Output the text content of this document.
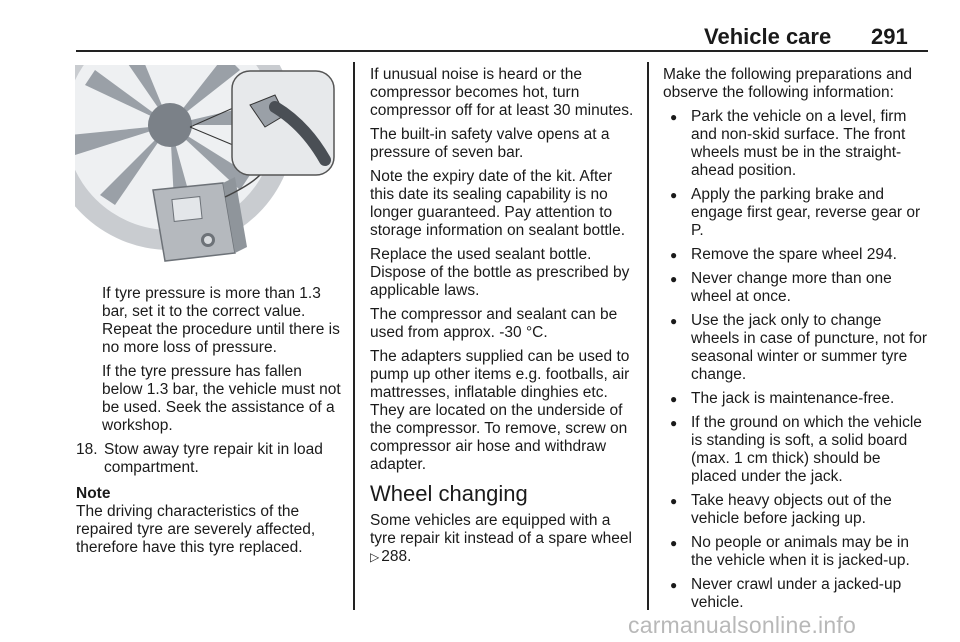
Vehicle care 291

If tyre pressure is more than 1.3 bar, set it to the correct value. Repeat the procedure until there is no more loss of pressure.

If the tyre pressure has fallen below 1.3 bar, the vehicle must not be used. Seek the assistance of a workshop.

18. Stow away tyre repair kit in load compartment.
Note
The driving characteristics of the repaired tyre are severely affected, therefore have this tyre replaced.

If unusual noise is heard or the compressor becomes hot, turn compressor off for at least 30 minutes.

The built-in safety valve opens at a pressure of seven bar.

Note the expiry date of the kit. After this date its sealing capability is no longer guaranteed. Pay attention to storage information on sealant bottle.

Replace the used sealant bottle. Dispose of the bottle as prescribed by applicable laws.

The compressor and sealant can be used from approx. -30 °C.

The adapters supplied can be used to pump up other items e.g. footballs, air mattresses, inflatable dinghies etc. They are located on the underside of the compressor. To remove, screw on compressor air hose and withdraw adapter.

Wheel changing

Some vehicles are equipped with a tyre repair kit instead of a spare wheel ▷ 288.

Make the following preparations and observe the following information:

● Park the vehicle on a level, firm and non-skid surface. The front wheels must be in the straight-ahead position.
● Apply the parking brake and engage first gear, reverse gear or P.
● Remove the spare wheel 294.
● Never change more than one wheel at once.
● Use the jack only to change wheels in case of puncture, not for seasonal winter or summer tyre change.
● The jack is maintenance-free.
● If the ground on which the vehicle is standing is soft, a solid board (max. 1 cm thick) should be placed under the jack.
● Take heavy objects out of the vehicle before jacking up.
● No people or animals may be in the vehicle when it is jacked-up.
● Never crawl under a jacked-up vehicle.
carmanualsonline.info
